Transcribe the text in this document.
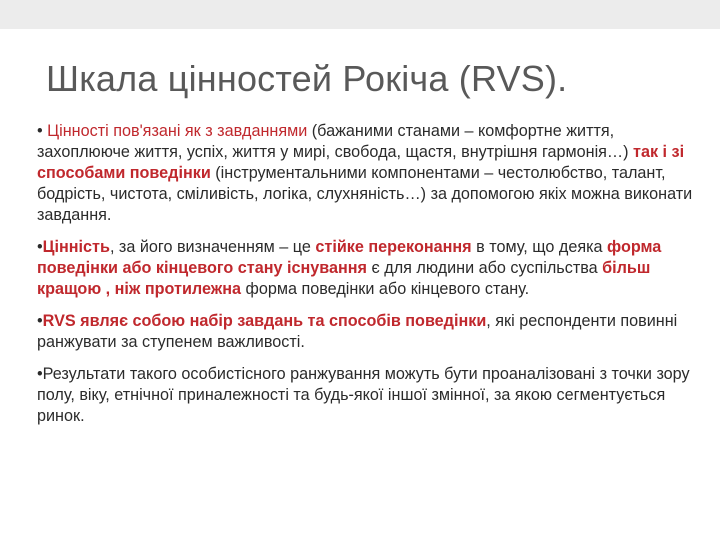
Шкала цінностей Рокіча (RVS).

• Цінності пов'язані як з завданнями (бажаними станами – комфортне життя, захоплююче життя, успіх, життя у мирі, свобода, щастя, внутрішня гармонія…) так і зі способами поведінки (інструментальними компонентами – честолюбство, талант, бодрість, чистота, сміливість, логіка, слухняність…) за допомогою якіх можна виконати завдання.

•Цінність, за його визначенням – це стійке переконання в тому, що деяка форма поведінки або кінцевого стану існування є для людини або суспільства більш кращою , ніж протилежна форма поведінки або кінцевого стану.

•RVS являє собою набір завдань та способів поведінки, які респонденти повинні ранжувати за ступенем важливості.

•Результати такого особистісного ранжування можуть бути проаналізовані з точки зору полу, віку, етнічної приналежності та будь-якої іншої змінної, за якою сегментується ринок.
